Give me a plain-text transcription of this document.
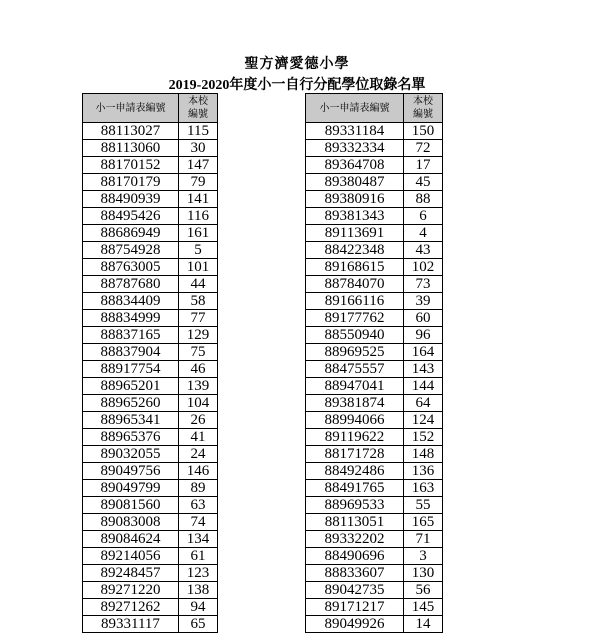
聖方濟愛德小學
2019-2020年度小一自行分配學位取錄名單
小一申請表編號	本校
編號

88113027	115
88113060	30
88170152	147
88170179	79
88490939	141
88495426	116
88686949	161
88754928	5
88763005	101
88787680	44
88834409	58
88834999	77
88837165	129
88837904	75
88917754	46
88965201	139
88965260	104
88965341	26
88965376	41
89032055	24
89049756	146
89049799	89
89081560	63
89083008	74
89084624	134
89214056	61
89248457	123
89271220	138
89271262	94
89331117	65
小一申請表編號	本校
編號

89331184	150
89332334	72
89364708	17
89380487	45
89380916	88
89381343	6
89113691	4
88422348	43
89168615	102
88784070	73
89166116	39
89177762	60
88550940	96
88969525	164
88475557	143
88947041	144
89381874	64
88994066	124
89119622	152
88171728	148
88492486	136
88491765	163
88969533	55
88113051	165
89332202	71
88490696	3
88833607	130
89042735	56
89171217	145
89049926	14
